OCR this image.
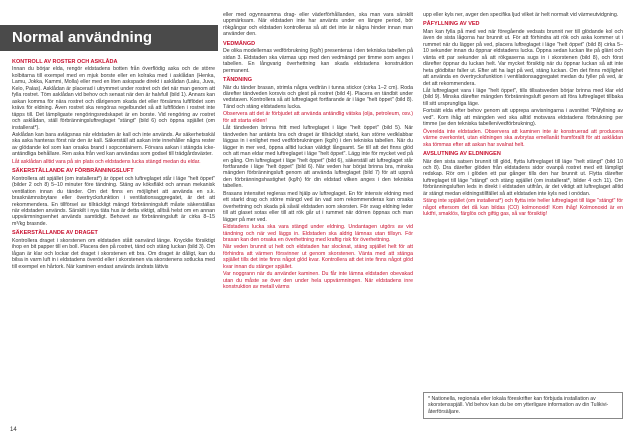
Normal användning
KONTROLL AV ROSTER OCH ASKLÅDA

Innan du börjar elda, rengör eldstadens botten från överflödig aska och de större kolbitarna till exempel med en mjuk borste eller en kolraka med i asklådan (Henka, Lamu, Jokka, Kammi, Molla) eller med en liten askspade direkt i asklådan (Laku, Juva, Kelo, Palas). Asklådan är placerad i utrymmet under rostret och det när man genom att fylla rostret. Töm asklådan vid behov och senast när den är halvfull (bild 1). Annars kan askan komma för nära rostret och dårigenom skada det eller försämra luftflödet som krävs för eldning. Även rostret ska rengöras regelbundet så att luftflöden i rostret inte täpps till. Det lämpligaste rengöringsredskapet är en borste. Vid rengöring av rostret och asklådan, ställ förbränningsluftreglaget "stängt" (bild 6) och öppna spjället (om installerat*).

Asklådan kan bara avlägsnas när eldstaden är kall och inte används. Av säkerhetsskäl ska aska hanteras först när den är kall. Säkerställ att askan inte innehåller några rester av glödande kol som kan orsaka brand i sopcontainern. Förvara askan i stängda icke-antändliga behållare. Ren aska från ved kan användas som godsel till trädgårdsväxter.

Låt asklådan alltid vara på sin plats och eldstadens lucka stängd medan du eldar.

SÄKERSTÄLLANDE AV FÖRBRÄNNINGSLUFT

Kontrollera att spjället (om installerat*) är öppet och luftreglaget står i läge "helt öppet" (bilder 2 och 8) 5–10 minuter före tändning. Stäng av köksfläkt och annan mekanisk ventilation innan du tänder. Om det finns en möjlighet att använda en s.k. brasknämnsbrytare eller övertrycksfunktion i ventilationsaggregatet, är det att rekommendera. En tillförsel av tillräckligt mängd förbränningsluft måste säkerställas när eldstaden används. Särskilt i nya täta hus är detta viktigt, alltså helst om en annan uppvärmningsenhet används samtidigt. Behovet av förbränningsluft är cirka 8–15 m³/kg brasnde.

SÄKERSTÄLLANDE AV DRAGET

Kontrollera draget i skorstenen om eldstaden stått oanvänd länge. Knycklie försiktigt ihop en bit papper till en boll. Placera den på rostret, tänd och stäng luckan (bild 3). Om lågan är klar och lockar det draget i skorstenen ett bra. Om draget är dåligt, kan du bilsa in varm luft in i eldstadens överöd eller i skorstenen via skorstenens sotlucka med till exempel en hårtork. När kaminen endast används ändrats lättvis

eller med ogynnsamma drag- eller väderförhållanden, ska man vara särskilt uppmärksam. När eldstaden inte har använts under en längre period, bör rökgångar och eldstaden kontrolleras så att det inte är några hinder innan man använder den.

VEDMÄNGD

De olika modellernas vedförbrukning (kg/h) presenteras i den tekniska tabellen på sidan 3. Eldstaden ska värmas upp med den vedmängd per timme som anges i tabellen. En långvarig överhettning kan skada eldstadens konstruktion permanent.

TÄNDNING

När du tänder brasan, strimla några vedträn i tunna stickor (cirka 1–2 cm). Roda därefter tändveden korsvis och glest på rostret (bild 4). Placera en tändbit under vedstaven. Kontrollera så att luftreglaget fortfarande är i läge "helt öppet" (bild 8). Tänd och stäng eldstadens lucka.

Observera att det är förbjudet att använda antändlig vätska (olja, petroleum, osv.) för att starta elden!

Låt tändveden brinna fritt med luftreglaget i läge "helt öppet" (bild 5). När tändveden har antänts bra och draget är tillräckligt starkt, kan större vedklabbar läggas in i enlighet med vedförbrukningen (kg/h) i den tekniska tabellen. När du lägger in mer ved, öppna alltid luckan väldigt långsamt. Se till att det finns glöd och att man eldar med luftreglaget i läge "helt öppet". Lägg inte för mycket ved på en gång. Om luftreglaget i läge "helt öppet" (bild 6), säkerställ att luftreglaget står fortfarande i läge "helt öppet" (bild 6). När veden har börjat brinna bra, minska mängden förbränningsluft genom att använda luftreglaget (bild 7) för att uppnå den förbränningshastighet (kg/h) för din eldstad vilken anges i den tekniska tabellen.

Brasans intensitet regleras med hjälp av luftreglaget. En för intensiv eldning med ett starkt drag och större mängd ved än vad som rekommenderas kan orsaka överhettning och skada på såväl eldstaden som skorsten. För svag eldning leder till att glaset sotas eller till att rök går ut i rummet när dörren öppnas och man lägger på mer ved.

Eldstadens lucka ska vara stängd under eldning. Undantagen utgörs av vid tändning och när ved läggs in. Eldstaden ska aldrig lämnas utan tillsyn. För brasan kan den orsaka en överhettning med kraftig risk för överhettning.

När veden brunnit ut helt och eldstaden har slocknat, stäng spjället helt för att förhindra att värmen försvinner ut genom skorstenen. Vänta med att stänga spjället tills det inte finns något glöd kvar. Kontrollera att det inte finns något glöd kvar innan du stänger spjället.

Var noggrann när du använder kaminen. Du får inte lämna eldstaden obevakad utan du måste se över den under hela uppvärmningen. När eldstadens inre konstruktion av metall värms

upp eller kyls ner, avger den specifika ljud vilket är helt normalt vid värmeutvidgning.

PÅFYLLNING AV VED

Man kan fylla på med ved när föregående vedsats brunnit ner till glödande kol och även de sista lågorna har brunnit ut. För att förhindra att rök och aska kommer ut i rummet när du lägger på ved, placera luftreglaget i läge "helt öppet" (bild 8) cirka 5–10 sekunder innan du öppnar eldstadens lucka. Öppna sedan luckan lite på glänt och vänta ett par sekunder så att rökgaserna sugs in i skorstenen (bild 8), och först därefter öppnar du luckan helt. Var mycket försiktig när du öppnar luckan så att inte heta glödbitar faller ut. Efter att ha lagt på ved, stäng luckan. Om det finns möjlighet att använda en övertrycksfunktion i ventilationsaggregatet medan du fyller på ved, är det att rekommendera.

Låt luftreglaget vara i läge "helt öppet", tills tillsatsveden börjar brinna med klar eld (bild 9). Minska därefter mängden förbränningsluft genom att föra luftreglaget tillbaka till sitt ursprungliga läge.

Fortsätt elda efter behov genom att upprepa anvisningarna i avsnittet "Påfyllning av ved". Kom ihåg att mängden ved ska alltid motsvara eldstadens förbrukning per timme (se den tekniska tabellen/vedförbrukning).

Överelda inte eldstaden. Observera att kaminen inte är konstruerad att producera värme overkontet, utan eldningen ska avbrytas emellanåt framförallt för att asklådan ska tömmas efter att askan har svalnat helt.

AVSLUTNING AV ELDNINGEN

När den sista satsen brunnit till glöd, flytta luftreglaget till läge "helt stängt" (bild 10 och 8). Dra därefter glöden från eldstadens sidor ovanpå rostret med ett lämpligt redskap. Rör om i glöden ett par gånger tills den har brunnit ut. Flytta därefter luftreglaget till läge "stängt" och stäng spjället (om installerat*, bilder 4 och 11). Om förbränningsluften leds in direkt i eldstaden utifrån, är det viktigt att luftreglaget alltid är stängt medan eldningstillfället så att eldstaden inte kyls ned i onödan.

Stäng inte spjället (om installerat*) och flytta inte heller luftreglaget till läge "stängt" för något eftersom det då kan bildas (CO) kolmonoxid! Kom ihåg! Kolmonoxid är en luktfri, smaklös, färglös och giftig gas, så var försiktig!

* Nationella, regionala eller lokala föreskrifter kan förbjuda installation av skorstensspjäll. Vid behov kan du be om ytterligare information av din Tulikivi-återförsäljare.
14
